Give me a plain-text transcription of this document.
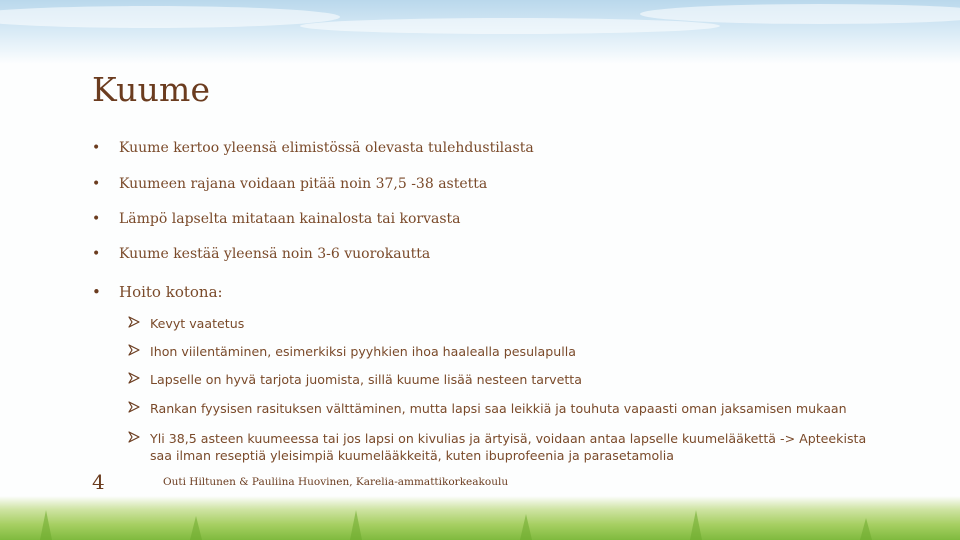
Kuume
• Kuume kertoo yleensä elimistössä olevasta tulehdustilasta
• Kuumeen rajana voidaan pitää noin 37,5 -38 astetta
• Lämpö lapselta mitataan kainalosta tai korvasta
• Kuume kestää yleensä noin 3-6 vuorokautta
• Hoito kotona:
Kevyt vaatetus
Ihon viilentäminen, esimerkiksi pyyhkien ihoa haalealla pesulapulla
Lapselle on hyvä tarjota juomista, sillä kuume lisää nesteen tarvetta
Rankan fyysisen rasituksen välttäminen, mutta lapsi saa leikkiä ja touhuta vapaasti oman jaksamisen mukaan
Yli 38,5 asteen kuumeessa tai jos lapsi on kivulias ja ärtyisä, voidaan antaa lapselle kuumelääkettä -> Apteekista
saa ilman reseptiä yleisimpiä kuumelääkkeitä, kuten ibuprofeenia ja parasetamolia
4	Outi Hiltunen & Pauliina Huovinen, Karelia-ammattikorkeakoulu
